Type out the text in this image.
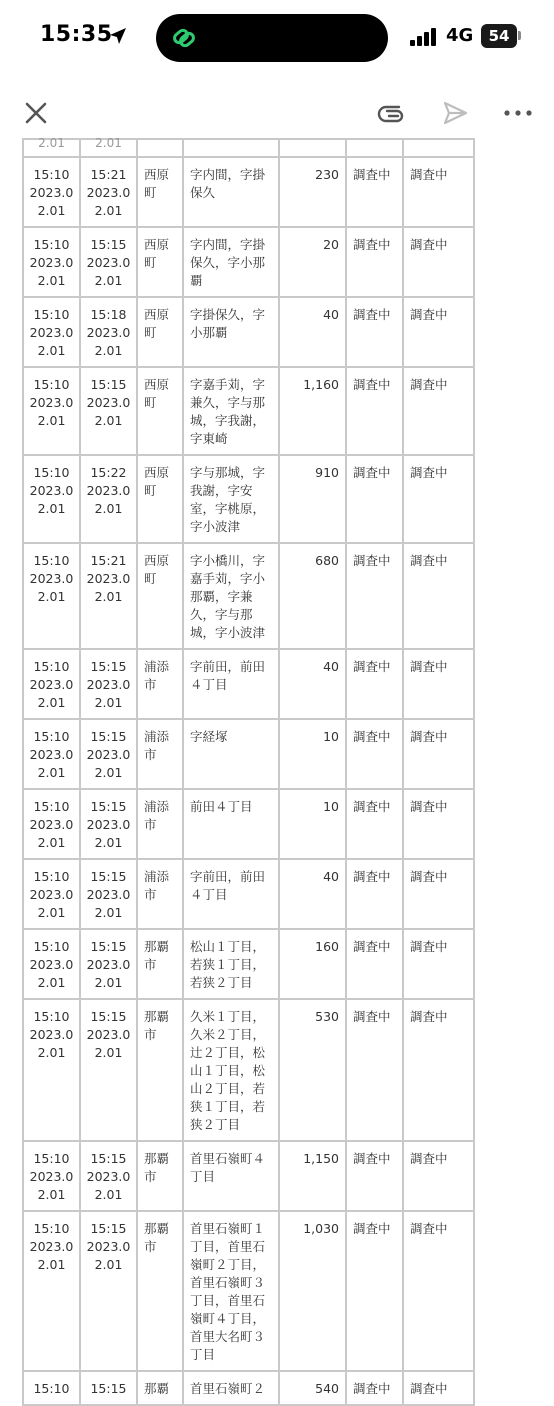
15:35	4G	54
2.01	2.01					

15:10 2023.02.01	15:21 2023.02.01	西原町	字内間，字掛保久	230	調査中	調査中
15:10 2023.02.01	15:15 2023.02.01	西原町	字内間，字掛保久，字小那覇	20	調査中	調査中
15:10 2023.02.01	15:18 2023.02.01	西原町	字掛保久，字小那覇	40	調査中	調査中
15:10 2023.02.01	15:15 2023.02.01	西原町	字嘉手苅，字兼久，字与那城，字我謝，字東崎	1,160	調査中	調査中
15:10 2023.02.01	15:22 2023.02.01	西原町	字与那城，字我謝，字安室，字桃原，字小波津	910	調査中	調査中
15:10 2023.02.01	15:21 2023.02.01	西原町	字小橋川，字嘉手苅，字小那覇，字兼久，字与那城，字小波津	680	調査中	調査中
15:10 2023.02.01	15:15 2023.02.01	浦添市	字前田，前田４丁目	40	調査中	調査中
15:10 2023.02.01	15:15 2023.02.01	浦添市	字経塚	10	調査中	調査中
15:10 2023.02.01	15:15 2023.02.01	浦添市	前田４丁目	10	調査中	調査中
15:10 2023.02.01	15:15 2023.02.01	浦添市	字前田，前田４丁目	40	調査中	調査中
15:10 2023.02.01	15:15 2023.02.01	那覇市	松山１丁目，若狭１丁目，若狭２丁目	160	調査中	調査中
15:10 2023.02.01	15:15 2023.02.01	那覇市	久米１丁目，久米２丁目，辻２丁目，松山１丁目，松山２丁目，若狭１丁目，若狭２丁目	530	調査中	調査中
15:10 2023.02.01	15:15 2023.02.01	那覇市	首里石嶺町４丁目	1,150	調査中	調査中
15:10 2023.02.01	15:15 2023.02.01	那覇市	首里石嶺町１丁目，首里石嶺町２丁目，首里石嶺町３丁目，首里石嶺町４丁目，首里大名町３丁目	1,030	調査中	調査中
15:10	15:15	那覇	首里石嶺町２	540	調査中	調査中
